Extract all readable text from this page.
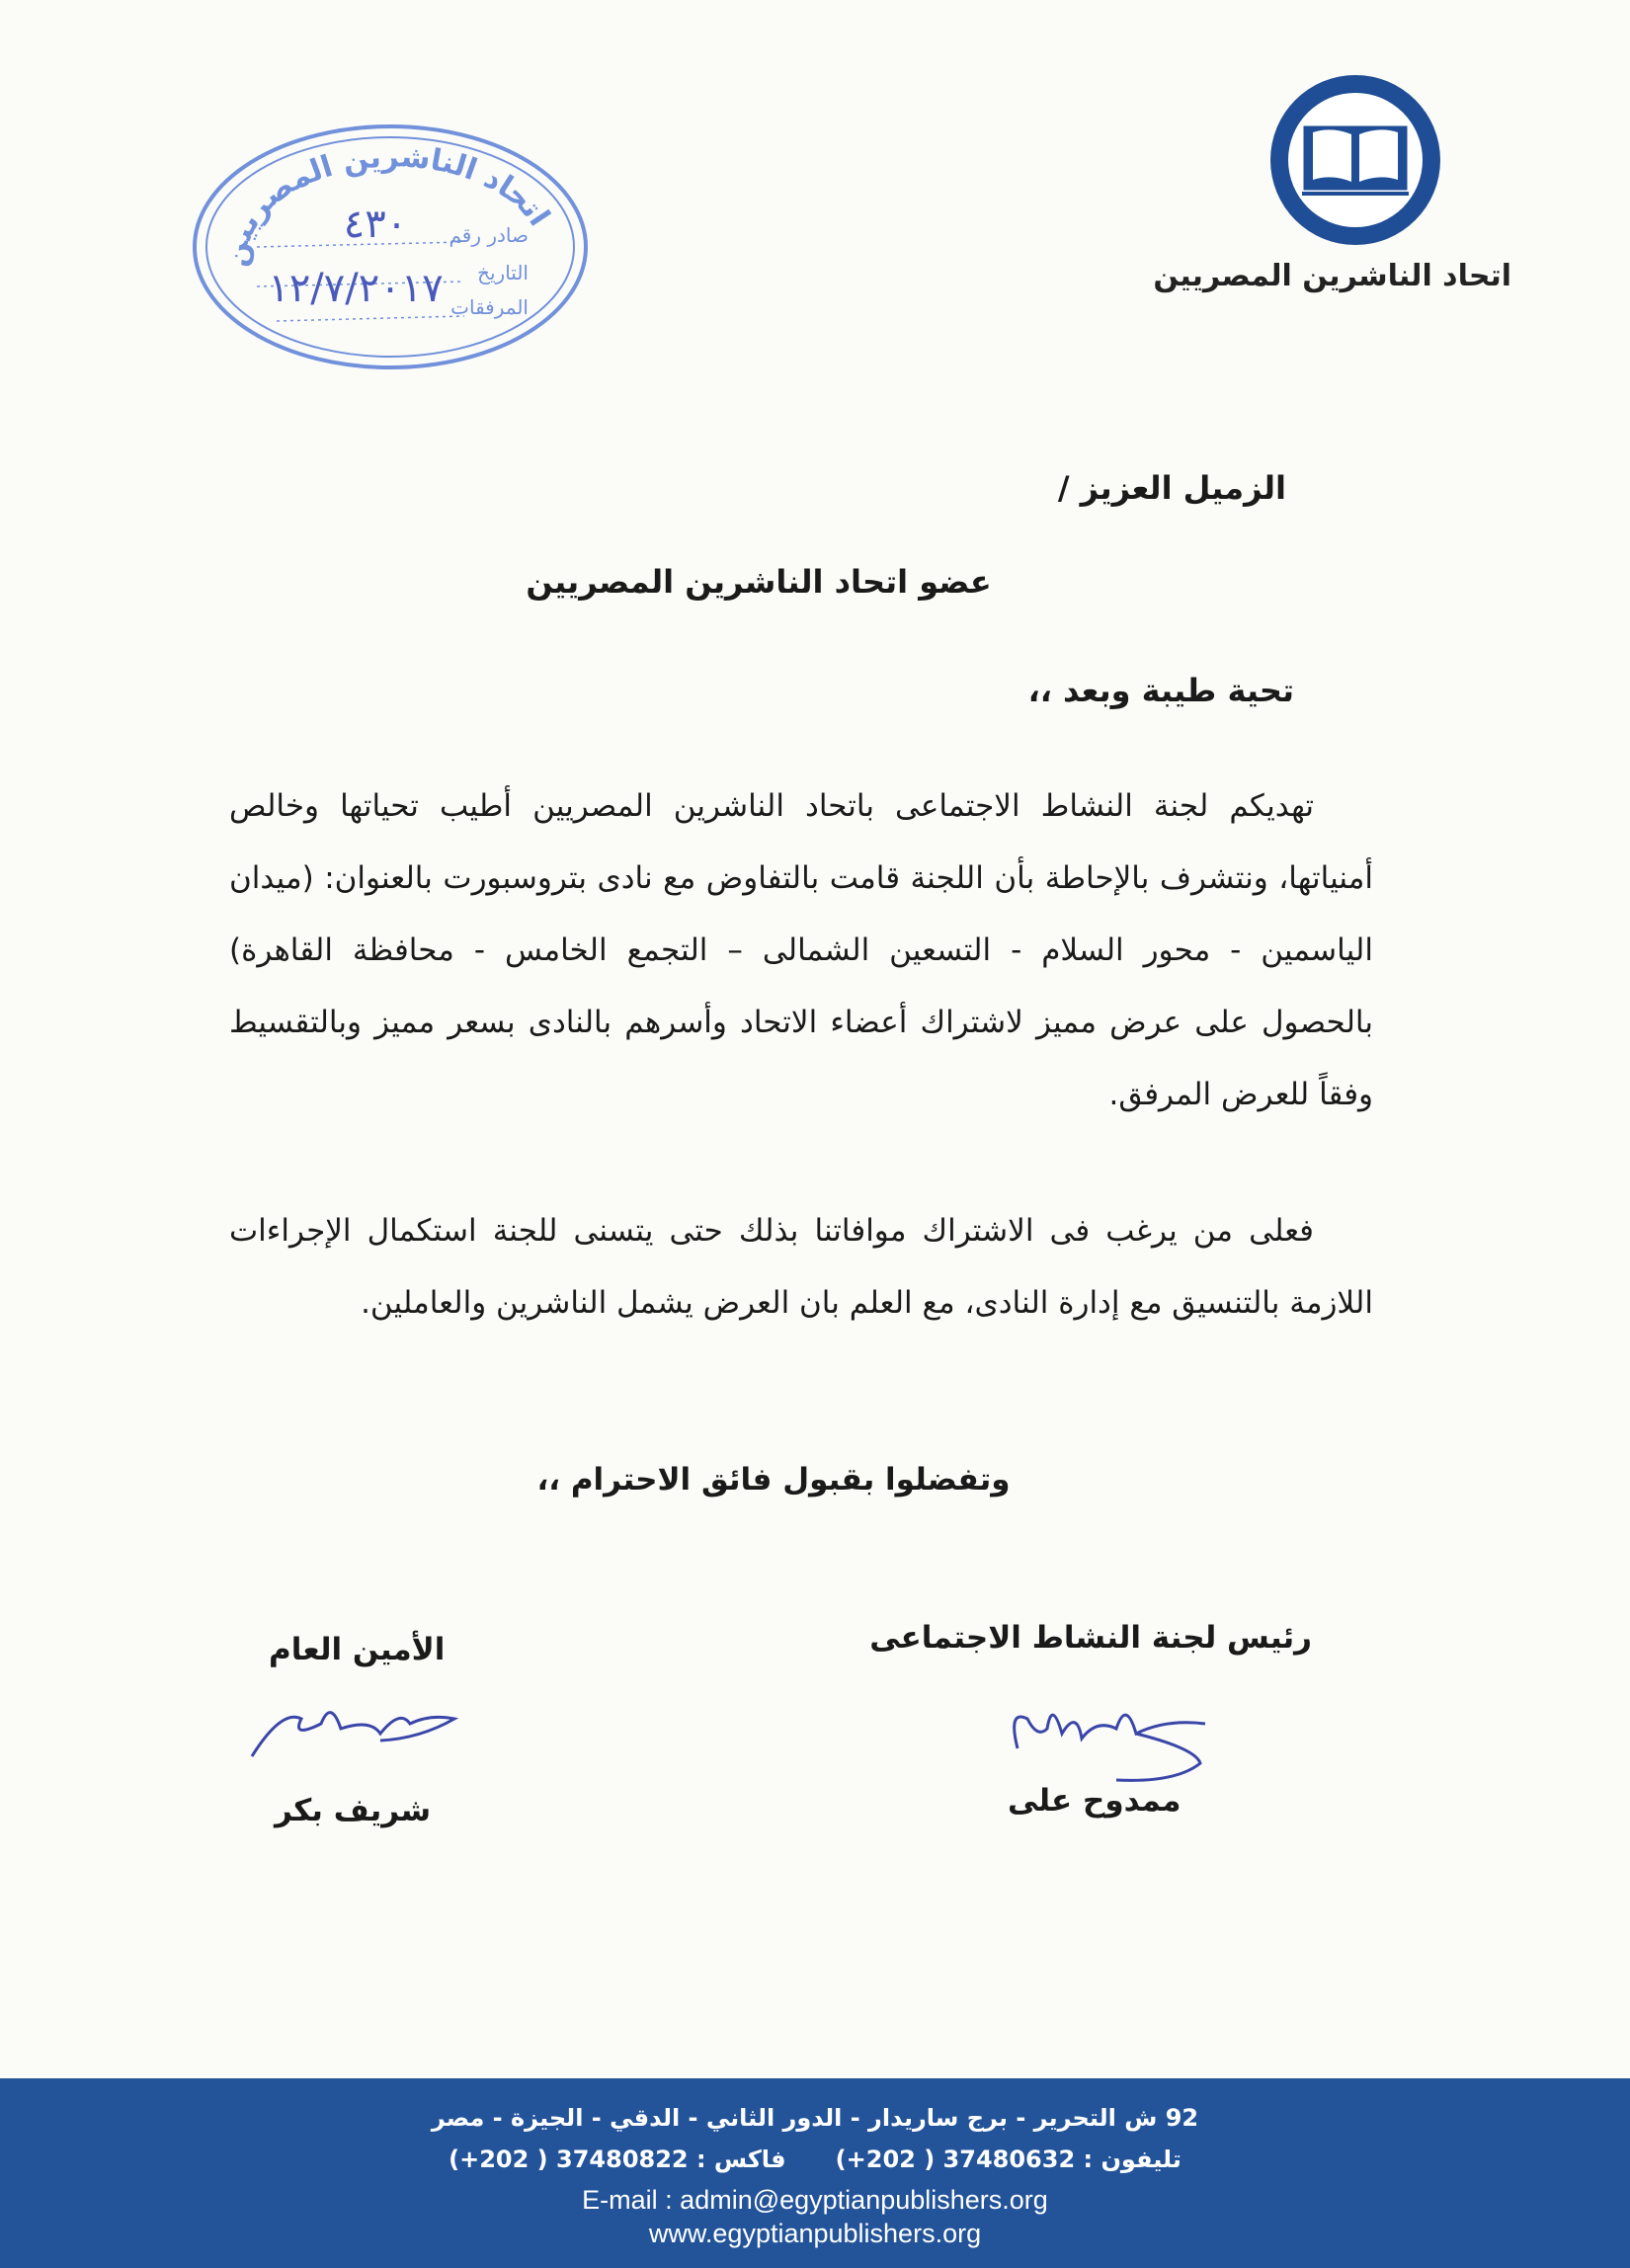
اتحاد الناشرين المصريين
اتحاد الناشرين المصريين
صادر رقم
التاريخ
المرفقات
٤٣٠
١٢/٧/٢٠١٧
الزميل العزيز /
عضو اتحاد الناشرين المصريين
تحية طيبة وبعد ،،

تهديكم لجنة النشاط الاجتماعى باتحاد الناشرين المصريين أطيب تحياتها وخالص أمنياتها، ونتشرف بالإحاطة بأن اللجنة قامت بالتفاوض مع نادى بتروسبورت بالعنوان: (ميدان الياسمين - محور السلام - التسعين الشمالى – التجمع الخامس - محافظة القاهرة) بالحصول على عرض مميز لاشتراك أعضاء الاتحاد وأسرهم بالنادى بسعر مميز وبالتقسيط وفقاً للعرض المرفق.

فعلى من يرغب فى الاشتراك موافاتنا بذلك حتى يتسنى للجنة استكمال الإجراءات اللازمة بالتنسيق مع إدارة النادى، مع العلم بان العرض يشمل الناشرين والعاملين.

وتفضلوا بقبول فائق الاحترام ،،
رئيس لجنة النشاط الاجتماعى
ممدوح على
الأمين العام
شريف بكر
92 ش التحرير - برج ساريدار - الدور الثاني - الدقي - الجيزة - مصر
تليفون : 37480632 ( 202+)      فاكس : 37480822 ( 202+)
E-mail : admin@egyptianpublishers.org
www.egyptianpublishers.org
